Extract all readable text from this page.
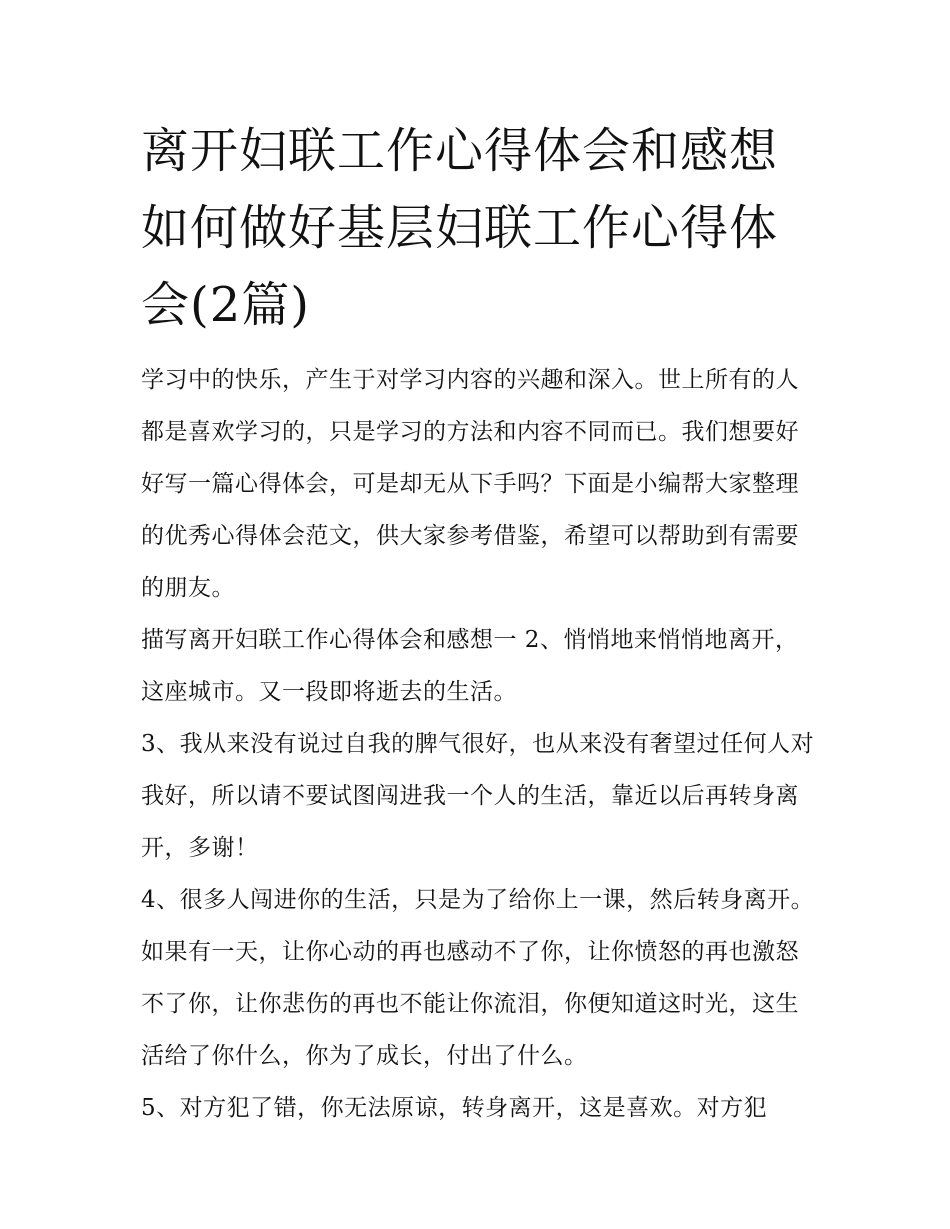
离开妇联工作心得体会和感想如何做好基层妇联工作心得体会(2篇)

学习中的快乐，产生于对学习内容的兴趣和深入。世上所有的人都是喜欢学习的，只是学习的方法和内容不同而已。我们想要好好写一篇心得体会，可是却无从下手吗？下面是小编帮大家整理的优秀心得体会范文，供大家参考借鉴，希望可以帮助到有需要的朋友。

描写离开妇联工作心得体会和感想一 2、悄悄地来悄悄地离开，这座城市。又一段即将逝去的生活。

3、我从来没有说过自我的脾气很好，也从来没有奢望过任何人对我好，所以请不要试图闯进我一个人的生活，靠近以后再转身离开，多谢！

4、很多人闯进你的生活，只是为了给你上一课，然后转身离开。如果有一天，让你心动的再也感动不了你，让你愤怒的再也激怒不了你，让你悲伤的再也不能让你流泪，你便知道这时光，这生活给了你什么，你为了成长，付出了什么。

5、对方犯了错，你无法原谅，转身离开，这是喜欢。对方犯
